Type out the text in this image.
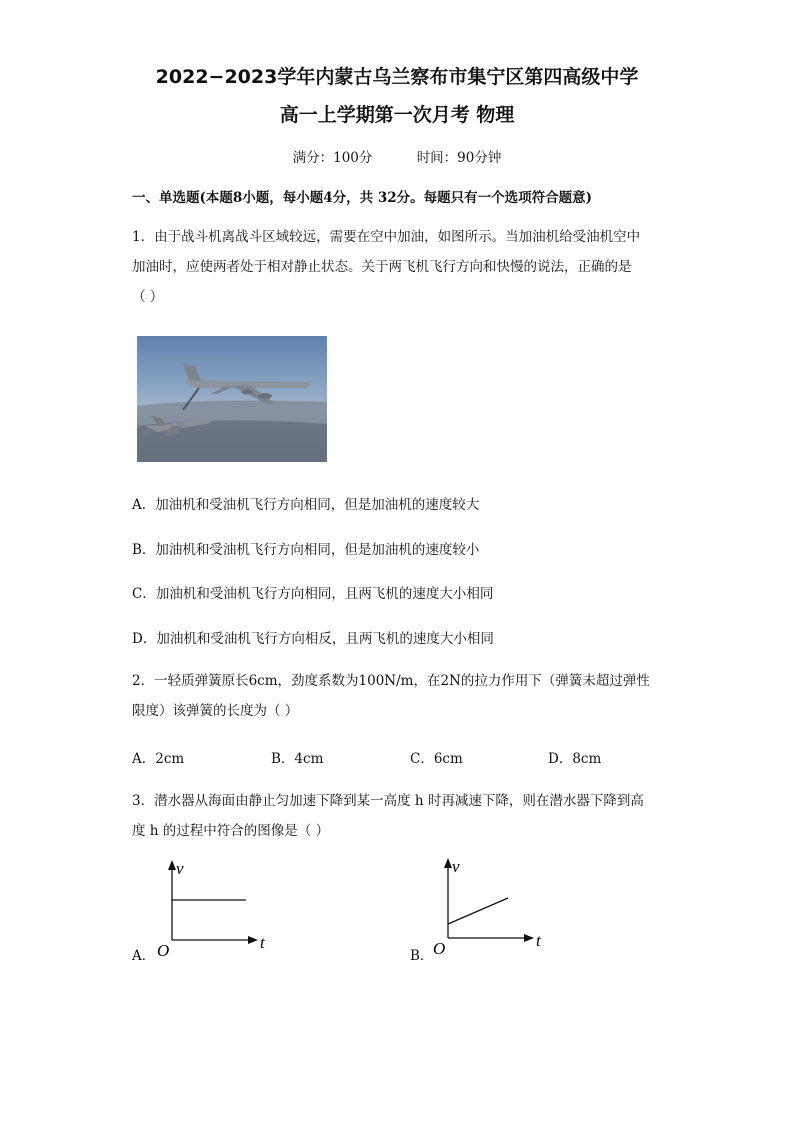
2022−2023学年内蒙古乌兰察布市集宁区第四高级中学
高一上学期第一次月考 物理
满分：100分	时间：90分钟
一、单选题(本题8小题，每小题4分，共 32分。每题只有一个选项符合题意)
1．由于战斗机离战斗区域较远，需要在空中加油，如图所示。当加油机给受油机空中
加油时，应使两者处于相对静止状态。关于两飞机飞行方向和快慢的说法，正确的是
（ ）
A．加油机和受油机飞行方向相同，但是加油机的速度较大
B．加油机和受油机飞行方向相同，但是加油机的速度较小
C．加油机和受油机飞行方向相同，且两飞机的速度大小相同
D．加油机和受油机飞行方向相反，且两飞机的速度大小相同
2．一轻质弹簧原长6cm，劲度系数为100N/m，在2N的拉力作用下（弹簧未超过弹性
限度）该弹簧的长度为（ ）
A．2cm	B．4cm	C．6cm	D．8cm
3．潜水器从海面由静止匀加速下降到某一高度 h 时再减速下降，则在潜水器下降到高
度 h 的过程中符合的图像是（ ）
A．
v
t
O	B．
v
t
O
